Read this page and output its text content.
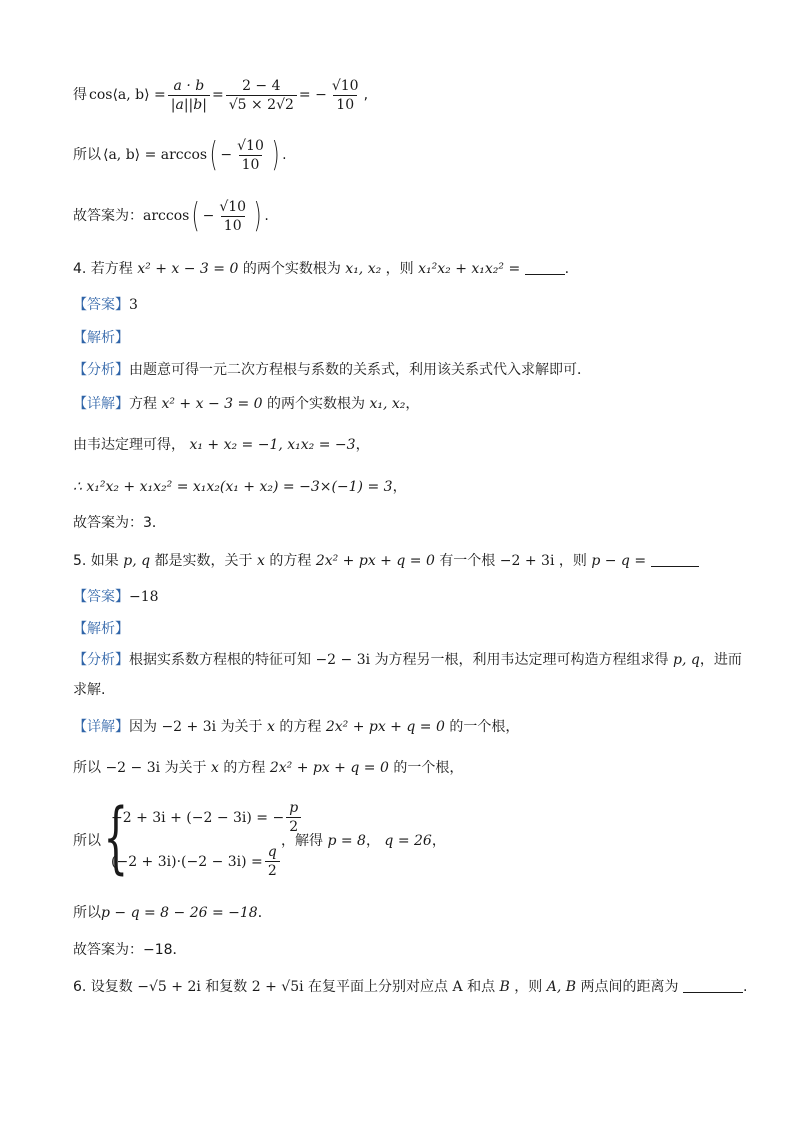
得 cos⟨a, b⟩ = $\frac{a \cdot b}{|a||b|} = \frac{2 - 4}{√5 \times 2√2}$ = − $\frac{√10}{10}$ ,
所以 ⟨a, b⟩ = arccos ( − $\frac{√10}{10}$ ) .
故答案为： arccos ( − $\frac{√10}{10}$ ) .
4. 若方程 x² + x − 3 = 0 的两个实数根为 x₁, x₂ ，则 x₁²x₂ + x₁x₂² =	.
【答案】3
【解析】
【分析】由题意可得一元二次方程根与系数的关系式，利用该关系式代入求解即可．
【详解】方程 x² + x − 3 = 0 的两个实数根为 x₁, x₂，
由韦达定理可得， x₁ + x₂ = −1, x₁x₂ = −3，
∴ x₁²x₂ + x₁x₂² = x₁x₂(x₁ + x₂) = −3×(−1) = 3，
故答案为：3．
5. 如果 p, q 都是实数，关于 x 的方程 2x² + px + q = 0 有一个根 −2 + 3i ，则 p − q =
【答案】−18
【解析】
【分析】根据实系数方程根的特征可知 −2 − 3i 为方程另一根，利用韦达定理可构造方程组求得 p, q，进而
求解.
【详解】因为 −2 + 3i 为关于 x 的方程 2x² + px + q = 0 的一个根，
所以 −2 − 3i 为关于 x 的方程 2x² + px + q = 0 的一个根，
所以 {
−2 + 3i + (−2 − 3i) = − $\frac{p}{2}$
$(-2 + 3i)\cdot(-2 - 3i) = \frac{q}{2}$
，解得 p = 8， q = 26，
所以p − q = 8 − 26 = −18．
故答案为：−18．
6. 设复数 −√5 + 2i 和复数 2 + √5i 在复平面上分别对应点 A 和点 B ，则 A, B 两点间的距离为	.
